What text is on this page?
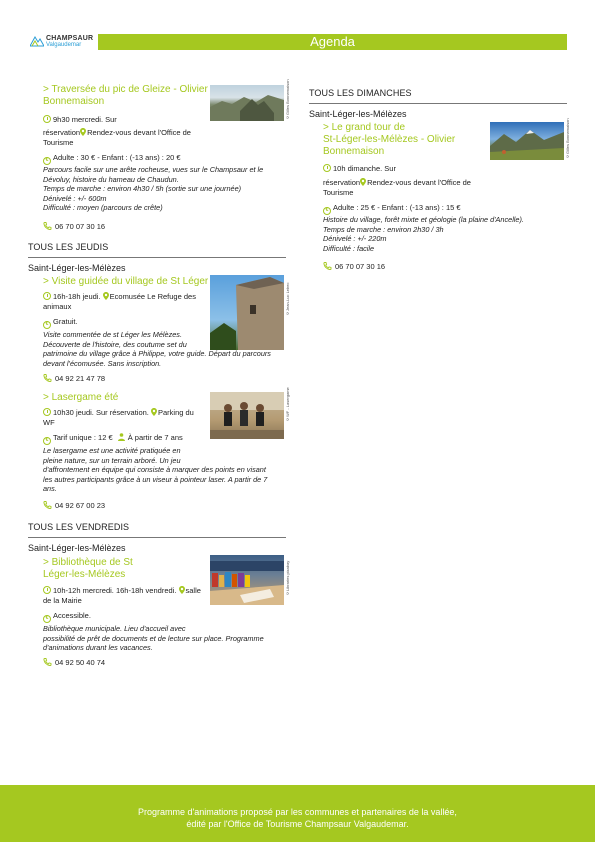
CHAMPSAUR
Valgaudemar	Agenda
> Traversée du pic de Gleize - Olivier
Bonnemaison	©Gilles Bonnemaison
9h30 mercredi. Sur
réservation Rendez-vous devant l'Office de
Tourisme
€ Adulte : 30 € - Enfant : (-13 ans) : 20 €
Parcours facile sur une arête rocheuse, vues sur le Champsaur et le
Dévoluy, histoire du hameau de Chaudun.
Temps de marche : environ 4h30 / 5h (sortie sur une journée)
Dénivelé : +/- 600m
Difficulté : moyen (parcours de crête)
06 70 07 30 16
TOUS LES JEUDIS
Saint-Léger-les-Mélèzes
> Visite guidée du village de St Léger
©Jean-Luc Lebec
16h-18h jeudi. Ecomusée Le Refuge des
animaux
€ Gratuit.
Visite commentée de st Léger les Mélèzes.
Découverte de l'histoire, des coutume set du
patrimoine du village grâce à Philippe, votre guide. Départ du parcours
devant l'écomusée. Sans inscription.
04 92 21 47 78
> Lasergame été	©WF - Lasergame
10h30 jeudi. Sur réservation. Parking du
WF
€ Tarif unique : 12 € À partir de 7 ans
Le lasergame est une activité pratiquée en
pleine nature, sur un terrain arboré. Un jeu
d'affrontement en équipe qui consiste à marquer des points en visant
les autres participants grâce à un viseur à pointeur laser. A partir de 7
ans.
04 92 67 00 23
TOUS LES VENDREDIS
Saint-Léger-les-Mélèzes
> Bibliothèque de St
Léger-les-Mélèzes	©Libraries pixabay
10h-12h mercredi. 16h-18h vendredi. salle
de la Mairie
€ Accessible.
Bibliothèque municipale. Lieu d'accueil avec
possibilité de prêt de documents et de lecture sur place. Programme
d'animations durant les vacances.
04 92 50 40 74
TOUS LES DIMANCHES
Saint-Léger-les-Mélèzes
> Le grand tour de
St-Léger-les-Mélèzes - Olivier
Bonnemaison	©Gilles Bonnemaison
10h dimanche. Sur
réservation Rendez-vous devant l'Office de
Tourisme
€ Adulte : 25 € - Enfant : (-13 ans) : 15 €
Histoire du village, forêt mixte et géologie (la plaine d'Ancelle).
Temps de marche : environ 2h30 / 3h
Dénivelé : +/- 220m
Difficulté : facile
06 70 07 30 16
Programme d'animations proposé par les communes et partenaires de la vallée,
édité par l'Office de Tourisme Champsaur Valgaudemar.
